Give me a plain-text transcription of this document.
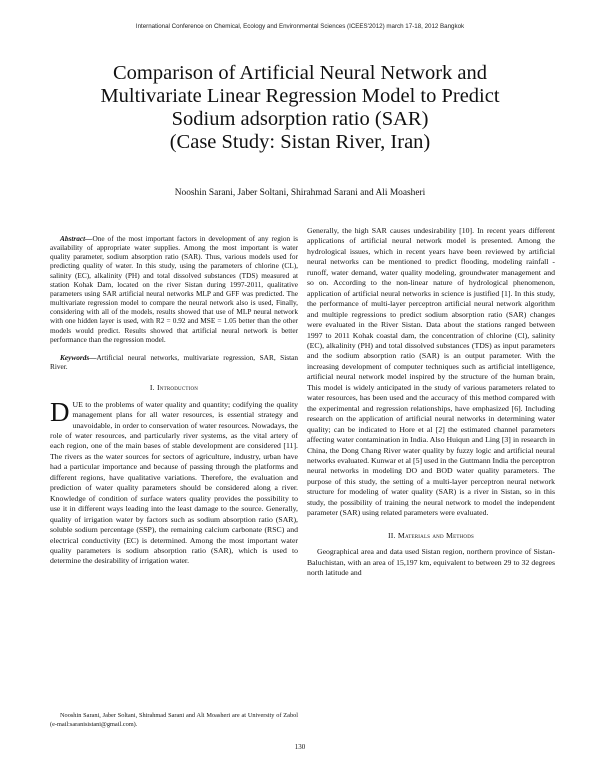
International Conference on Chemical, Ecology and Environmental Sciences (ICEES'2012) march 17-18, 2012 Bangkok
Comparison of Artificial Neural Network and
Multivariate Linear Regression Model to Predict
Sodium adsorption ratio (SAR)
(Case Study: Sistan River, Iran)
Nooshin Sarani, Jaber Soltani, Shirahmad Sarani and Ali Moasheri

Abstract—One of the most important factors in development of any region is availability of appropriate water supplies. Among the most important is water quality parameter, sodium absorption ratio (SAR). Thus, various models used for predicting quality of water. In this study, using the parameters of chlorine (CL), salinity (EC), alkalinity (PH) and total dissolved substances (TDS) measured at station Kohak Dam, located on the river Sistan during 1997-2011, qualitative parameters using SAR artificial neural networks MLP and GFF was predicted. The multivariate regression model to compare the neural network also is used, Finally, considering with all of the models, results showed that use of MLP neural network with one hidden layer is used, with R2 = 0.92 and MSE = 1.05 better than the other models would predict. Results showed that artificial neural network is better performance than the regression model.

Keywords—Artificial neural networks, multivariate regression, SAR, Sistan River.

I. Introduction

DUE to the problems of water quality and quantity; codifying the quality management plans for all water resources, is essential strategy and unavoidable, in order to conservation of water resources. Nowadays, the role of water resources, and particularly river systems, as the vital artery of each region, one of the main bases of stable development are considered [11]. The rivers as the water sources for sectors of agriculture, industry, urban have had a particular importance and because of passing through the platforms and different regions, have qualitative variations. Therefore, the evaluation and prediction of water quality parameters should be considered along a river. Knowledge of condition of surface waters quality provides the possibility to use it in different ways leading into the least damage to the source. Generally, quality of irrigation water by factors such as sodium absorption ratio (SAR), soluble sodium percentage (SSP), the remaining calcium carbonate (RSC) and electrical conductivity (EC) is determined. Among the most important water quality parameters is sodium absorption ratio (SAR), which is used to determine the desirability of irrigation water.

Generally, the high SAR causes undesirability [10]. In recent years different applications of artificial neural network model is presented. Among the hydrological issues, which in recent years have been reviewed by artificial neural networks can be mentioned to predict flooding, modeling rainfall - runoff, water demand, water quality modeling, groundwater management and so on. According to the non-linear nature of hydrological phenomenon, application of artificial neural networks in science is justified [1]. In this study, the performance of multi-layer perceptron artificial neural network algorithm and multiple regressions to predict sodium absorption ratio (SAR) changes were evaluated in the River Sistan. Data about the stations ranged between 1997 to 2011 Kohak coastal dam, the concentration of chlorine (Cl), salinity (EC), alkalinity (PH) and total dissolved substances (TDS) as input parameters and the sodium absorption ratio (SAR) is an output parameter. With the increasing development of computer techniques such as artificial intelligence, artificial neural network model inspired by the structure of the human brain, This model is widely anticipated in the study of various parameters related to water resources, has been used and the accuracy of this method compared with the experimental and regression relationships, have emphasized [6]. Including research on the application of artificial neural networks in determining water quality; can be indicated to Hore et al [2] the estimated channel parameters affecting water contamination in India. Also Huiqun and Ling [3] in research in China, the Dong Chang River water quality by fuzzy logic and artificial neural networks evaluated. Kunwar et al [5] used in the Guttmann India the perceptron neural networks in modeling DO and BOD water quality parameters. The purpose of this study, the setting of a multi-layer perceptron neural network structure for modeling of water quality (SAR) is a river in Sistan, so in this study, the possibility of training the neural network to model the independent parameter (SAR) using related parameters were evaluated.

II. Materials and Methods

Geographical area and data used Sistan region, northern province of Sistan-Baluchistan, with an area of 15,197 km, equivalent to between 29 to 32 degrees north latitude and

Nooshin Sarani, Jaber Soltani, Shirahmad Sarani and Ali Moasheri are at University of Zabol (e-mail:saranisistani@gmail.com).
130
